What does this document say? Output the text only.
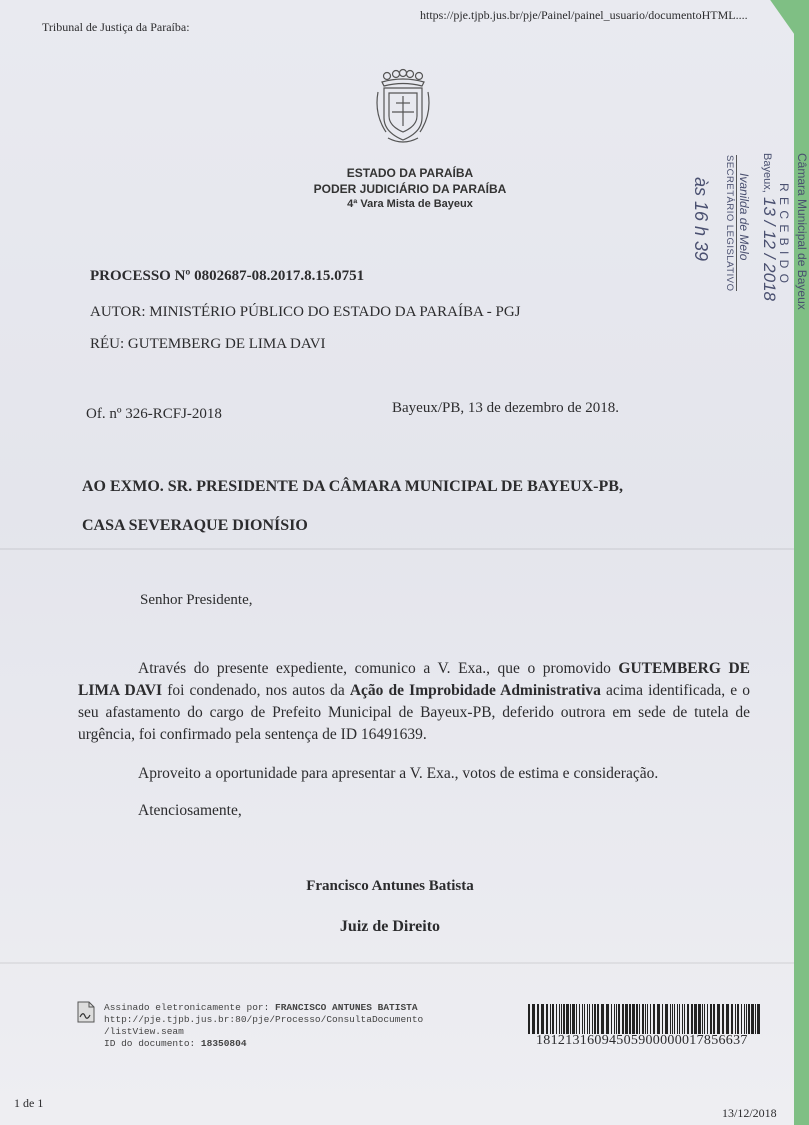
Tribunal de Justiça da Paraíba:
https://pje.tjpb.jus.br/pje/Painel/painel_usuario/documentoHTML....
ESTADO DA PARAÍBA
PODER JUDICIÁRIO DA PARAÍBA
4ª Vara Mista de Bayeux
PROCESSO Nº 0802687-08.2017.8.15.0751
AUTOR: MINISTÉRIO PÚBLICO DO ESTADO DA PARAÍBA - PGJ
RÉU: GUTEMBERG DE LIMA DAVI
Of. nº 326-RCFJ-2018	Bayeux/PB, 13 de dezembro de 2018.
AO EXMO. SR. PRESIDENTE DA CÂMARA MUNICIPAL DE BAYEUX-PB,
CASA SEVERAQUE DIONÍSIO
Senhor Presidente,
Através do presente expediente, comunico a V. Exa., que o promovido GUTEMBERG DE LIMA DAVI foi condenado, nos autos da Ação de Improbidade Administrativa acima identificada, e o seu afastamento do cargo de Prefeito Municipal de Bayeux-PB, deferido outrora em sede de tutela de urgência, foi confirmado pela sentença de ID 16491639.
Aproveito a oportunidade para apresentar a V. Exa., votos de estima e consideração.
Atenciosamente,
Francisco Antunes Batista
Juiz de Direito
Assinado eletronicamente por: FRANCISCO ANTUNES BATISTA
http://pje.tjpb.jus.br:80/pje/Processo/ConsultaDocumento
/listView.seam
ID do documento: 18350804	18121316094505900000017856637
1 de 1
13/12/2018
Câmara Municipal de Bayeux
R E C E B I D O
Bayeux,
13 / 12 / 2018
Ivanilda de Melo
SECRETÁRIO LEGISLATIVO
às 16 h 39
